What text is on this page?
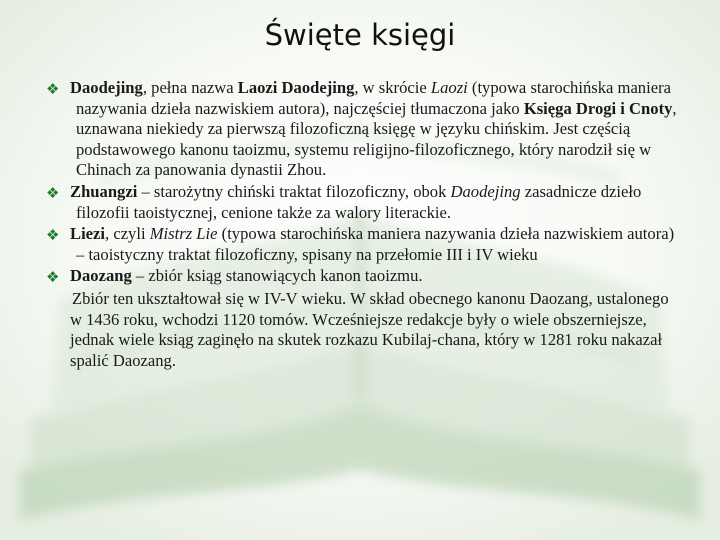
Święte księgi
❖ Daodejing, pełna nazwa Laozi Daodejing, w skrócie Laozi (typowa starochińska maniera nazywania dzieła nazwiskiem autora), najczęściej tłumaczona jako Księga Drogi i Cnoty, uznawana niekiedy za pierwszą filozoficzną księgę w języku chińskim. Jest częścią podstawowego kanonu taoizmu, systemu religijno-filozoficznego, który narodził się w Chinach za panowania dynastii Zhou.
❖ Zhuangzi – starożytny chiński traktat filozoficzny, obok Daodejing zasadnicze dzieło filozofii taoistycznej, cenione także za walory literackie.
❖ Liezi, czyli Mistrz Lie (typowa starochińska maniera nazywania dzieła nazwiskiem autora) – taoistyczny traktat filozoficzny, spisany na przełomie III i IV wieku
❖ Daozang – zbiór ksiąg stanowiących kanon taoizmu.

Zbiór ten ukształtował się w IV-V wieku. W skład obecnego kanonu Daozang, ustalonego w 1436 roku, wchodzi 1120 tomów. Wcześniejsze redakcje były o wiele obszerniejsze, jednak wiele ksiąg zaginęło na skutek rozkazu Kubilaj-chana, który w 1281 roku nakazał spalić Daozang.
